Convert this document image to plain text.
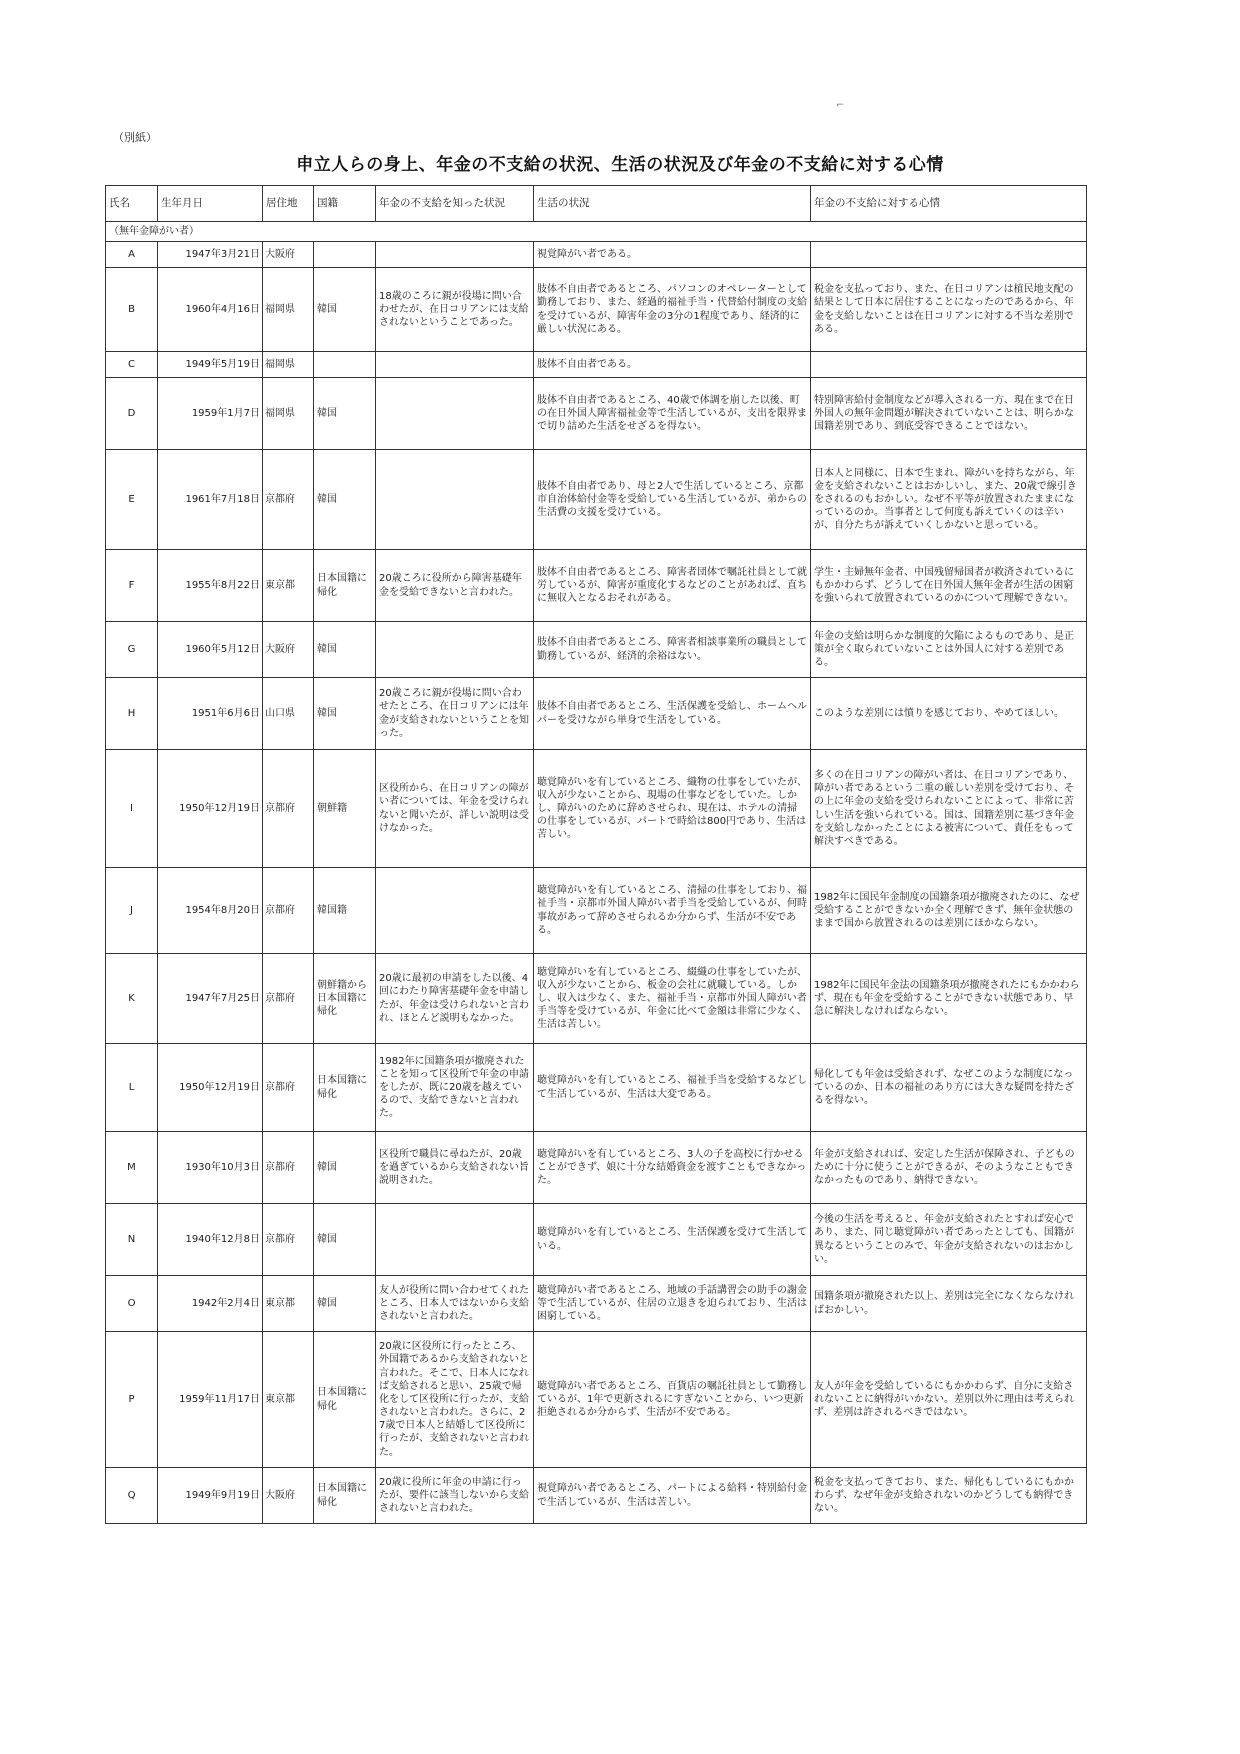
（別紙）
⌐
申立人らの身上、年金の不支給の状況、生活の状況及び年金の不支給に対する心情
氏名	生年月日	居住地	国籍	年金の不支給を知った状況	生活の状況	年金の不支給に対する心情
（無年金障がい者）						
A	1947年3月21日	大阪府			視覚障がい者である。	
B	1960年4月16日	福岡県	韓国	18歳のころに親が役場に問い合わせたが、在日コリアンには支給されないということであった。	肢体不自由者であるところ、パソコンのオペレーターとして勤務しており、また、経過的福祉手当・代替給付制度の支給を受けているが、障害年金の3分の1程度であり、経済的に厳しい状況にある。	税金を支払っており、また、在日コリアンは植民地支配の結果として日本に居住することになったのであるから、年金を支給しないことは在日コリアンに対する不当な差別である。
C	1949年5月19日	福岡県			肢体不自由者である。	
D	1959年1月7日	福岡県	韓国		肢体不自由者であるところ、40歳で体調を崩した以後、町の在日外国人障害福祉金等で生活しているが、支出を限界まで切り詰めた生活をせざるを得ない。	特別障害給付金制度などが導入される一方、現在まで在日外国人の無年金問題が解決されていないことは、明らかな国籍差別であり、到底受容できることではない。
E	1961年7月18日	京都府	韓国		肢体不自由者であり、母と2人で生活しているところ、京都市自治体給付金等を受給している生活しているが、弟からの生活費の支援を受けている。	日本人と同様に、日本で生まれ、障がいを持ちながら、年金を支給されないことはおかしいし、また、20歳で線引きをされるのもおかしい。なぜ不平等が放置されたままになっているのか。当事者として何度も訴えていくのは辛いが、自分たちが訴えていくしかないと思っている。
F	1955年8月22日	東京都	日本国籍に帰化	20歳ころに役所から障害基礎年金を受給できないと言われた。	肢体不自由者であるところ、障害者団体で嘱託社員として就労しているが、障害が重度化するなどのことがあれば、直ちに無収入となるおそれがある。	学生・主婦無年金者、中国残留帰国者が救済されているにもかかわらず、どうして在日外国人無年金者が生活の困窮を強いられて放置されているのかについて理解できない。
G	1960年5月12日	大阪府	韓国		肢体不自由者であるところ、障害者相談事業所の職員として勤務しているが、経済的余裕はない。	年金の支給は明らかな制度的欠陥によるものであり、是正策が全く取られていないことは外国人に対する差別である。
H	1951年6月6日	山口県	韓国	20歳ころに親が役場に問い合わせたところ、在日コリアンには年金が支給されないということを知った。	肢体不自由者であるところ、生活保護を受給し、ホームヘルパーを受けながら単身で生活をしている。	このような差別には憤りを感じており、やめてほしい。
I	1950年12月19日	京都府	朝鮮籍	区役所から、在日コリアンの障がい者については、年金を受けられないと聞いたが、詳しい説明は受けなかった。	聴覚障がいを有しているところ、織物の仕事をしていたが、収入が少ないことから、現場の仕事などをしていた。しかし、障がいのために辞めさせられ、現在は、ホテルの清掃の仕事をしているが、パートで時給は800円であり、生活は苦しい。	多くの在日コリアンの障がい者は、在日コリアンであり、障がい者であるという二重の厳しい差別を受けており、その上に年金の支給を受けられないことによって、非常に苦しい生活を強いられている。国は、国籍差別に基づき年金を支給しなかったことによる被害について、責任をもって解決すべきである。
J	1954年8月20日	京都府	韓国籍		聴覚障がいを有しているところ、清掃の仕事をしており、福祉手当・京都市外国人障がい者手当を受給しているが、何時事故があって辞めさせられるか分からず、生活が不安である。	1982年に国民年金制度の国籍条項が撤廃されたのに、なぜ受給することができないか全く理解できず、無年金状態のままで国から放置されるのは差別にほかならない。
K	1947年7月25日	京都府	朝鮮籍から日本国籍に帰化	20歳に最初の申請をした以後、4回にわたり障害基礎年金を申請したが、年金は受けられないと言われ、ほとんど説明もなかった。	聴覚障がいを有しているところ、綴織の仕事をしていたが、収入が少ないことから、板金の会社に就職している。しかし、収入は少なく、また、福祉手当・京都市外国人障がい者手当等を受けているが、年金に比べて金額は非常に少なく、生活は苦しい。	1982年に国民年金法の国籍条項が撤廃されたにもかかわらず、現在も年金を受給することができない状態であり、早急に解決しなければならない。
L	1950年12月19日	京都府	日本国籍に帰化	1982年に国籍条項が撤廃されたことを知って区役所で年金の申請をしたが、既に20歳を越えているので、支給できないと言われた。	聴覚障がいを有しているところ、福祉手当を受給するなどして生活しているが、生活は大変である。	帰化しても年金は受給されず、なぜこのような制度になっているのか、日本の福祉のあり方には大きな疑問を持たざるを得ない。
M	1930年10月3日	京都府	韓国	区役所で職員に尋ねたが、20歳を過ぎているから支給されない旨説明された。	聴覚障がいを有しているところ、3人の子を高校に行かせることができず、娘に十分な結婚資金を渡すこともできなかった。	年金が支給されれば、安定した生活が保障され、子どものために十分に使うことができるが、そのようなこともできなかったものであり、納得できない。
N	1940年12月8日	京都府	韓国		聴覚障がいを有しているところ、生活保護を受けて生活している。	今後の生活を考えると、年金が支給されたとすれば安心であり、また、同じ聴覚障がい者であったとしても、国籍が異なるということのみで、年金が支給されないのはおかしい。
O	1942年2月4日	東京都	韓国	友人が役所に問い合わせてくれたところ、日本人ではないから支給されないと言われた。	聴覚障がい者であるところ、地域の手話講習会の助手の謝金等で生活しているが、住居の立退きを迫られており、生活は困窮している。	国籍条項が撤廃された以上、差別は完全になくならなければおかしい。
P	1959年11月17日	東京都	日本国籍に帰化	20歳に区役所に行ったところ、外国籍であるから支給されないと言われた。そこで、日本人になれば支給されると思い、25歳で帰化をして区役所に行ったが、支給されないと言われた。さらに、27歳で日本人と結婚して区役所に行ったが、支給されないと言われた。	聴覚障がい者であるところ、百貨店の嘱託社員として勤務しているが、1年で更新されるにすぎないことから、いつ更新拒絶されるか分からず、生活が不安である。	友人が年金を受給しているにもかかわらず、自分に支給されないことに納得がいかない。差別以外に理由は考えられず、差別は許されるべきではない。
Q	1949年9月19日	大阪府	日本国籍に帰化	20歳に役所に年金の申請に行ったが、要件に該当しないから支給されないと言われた。	視覚障がい者であるところ、パートによる給料・特別給付金で生活しているが、生活は苦しい。	税金を支払ってきており、また、帰化もしているにもかかわらず、なぜ年金が支給されないのかどうしても納得できない。
